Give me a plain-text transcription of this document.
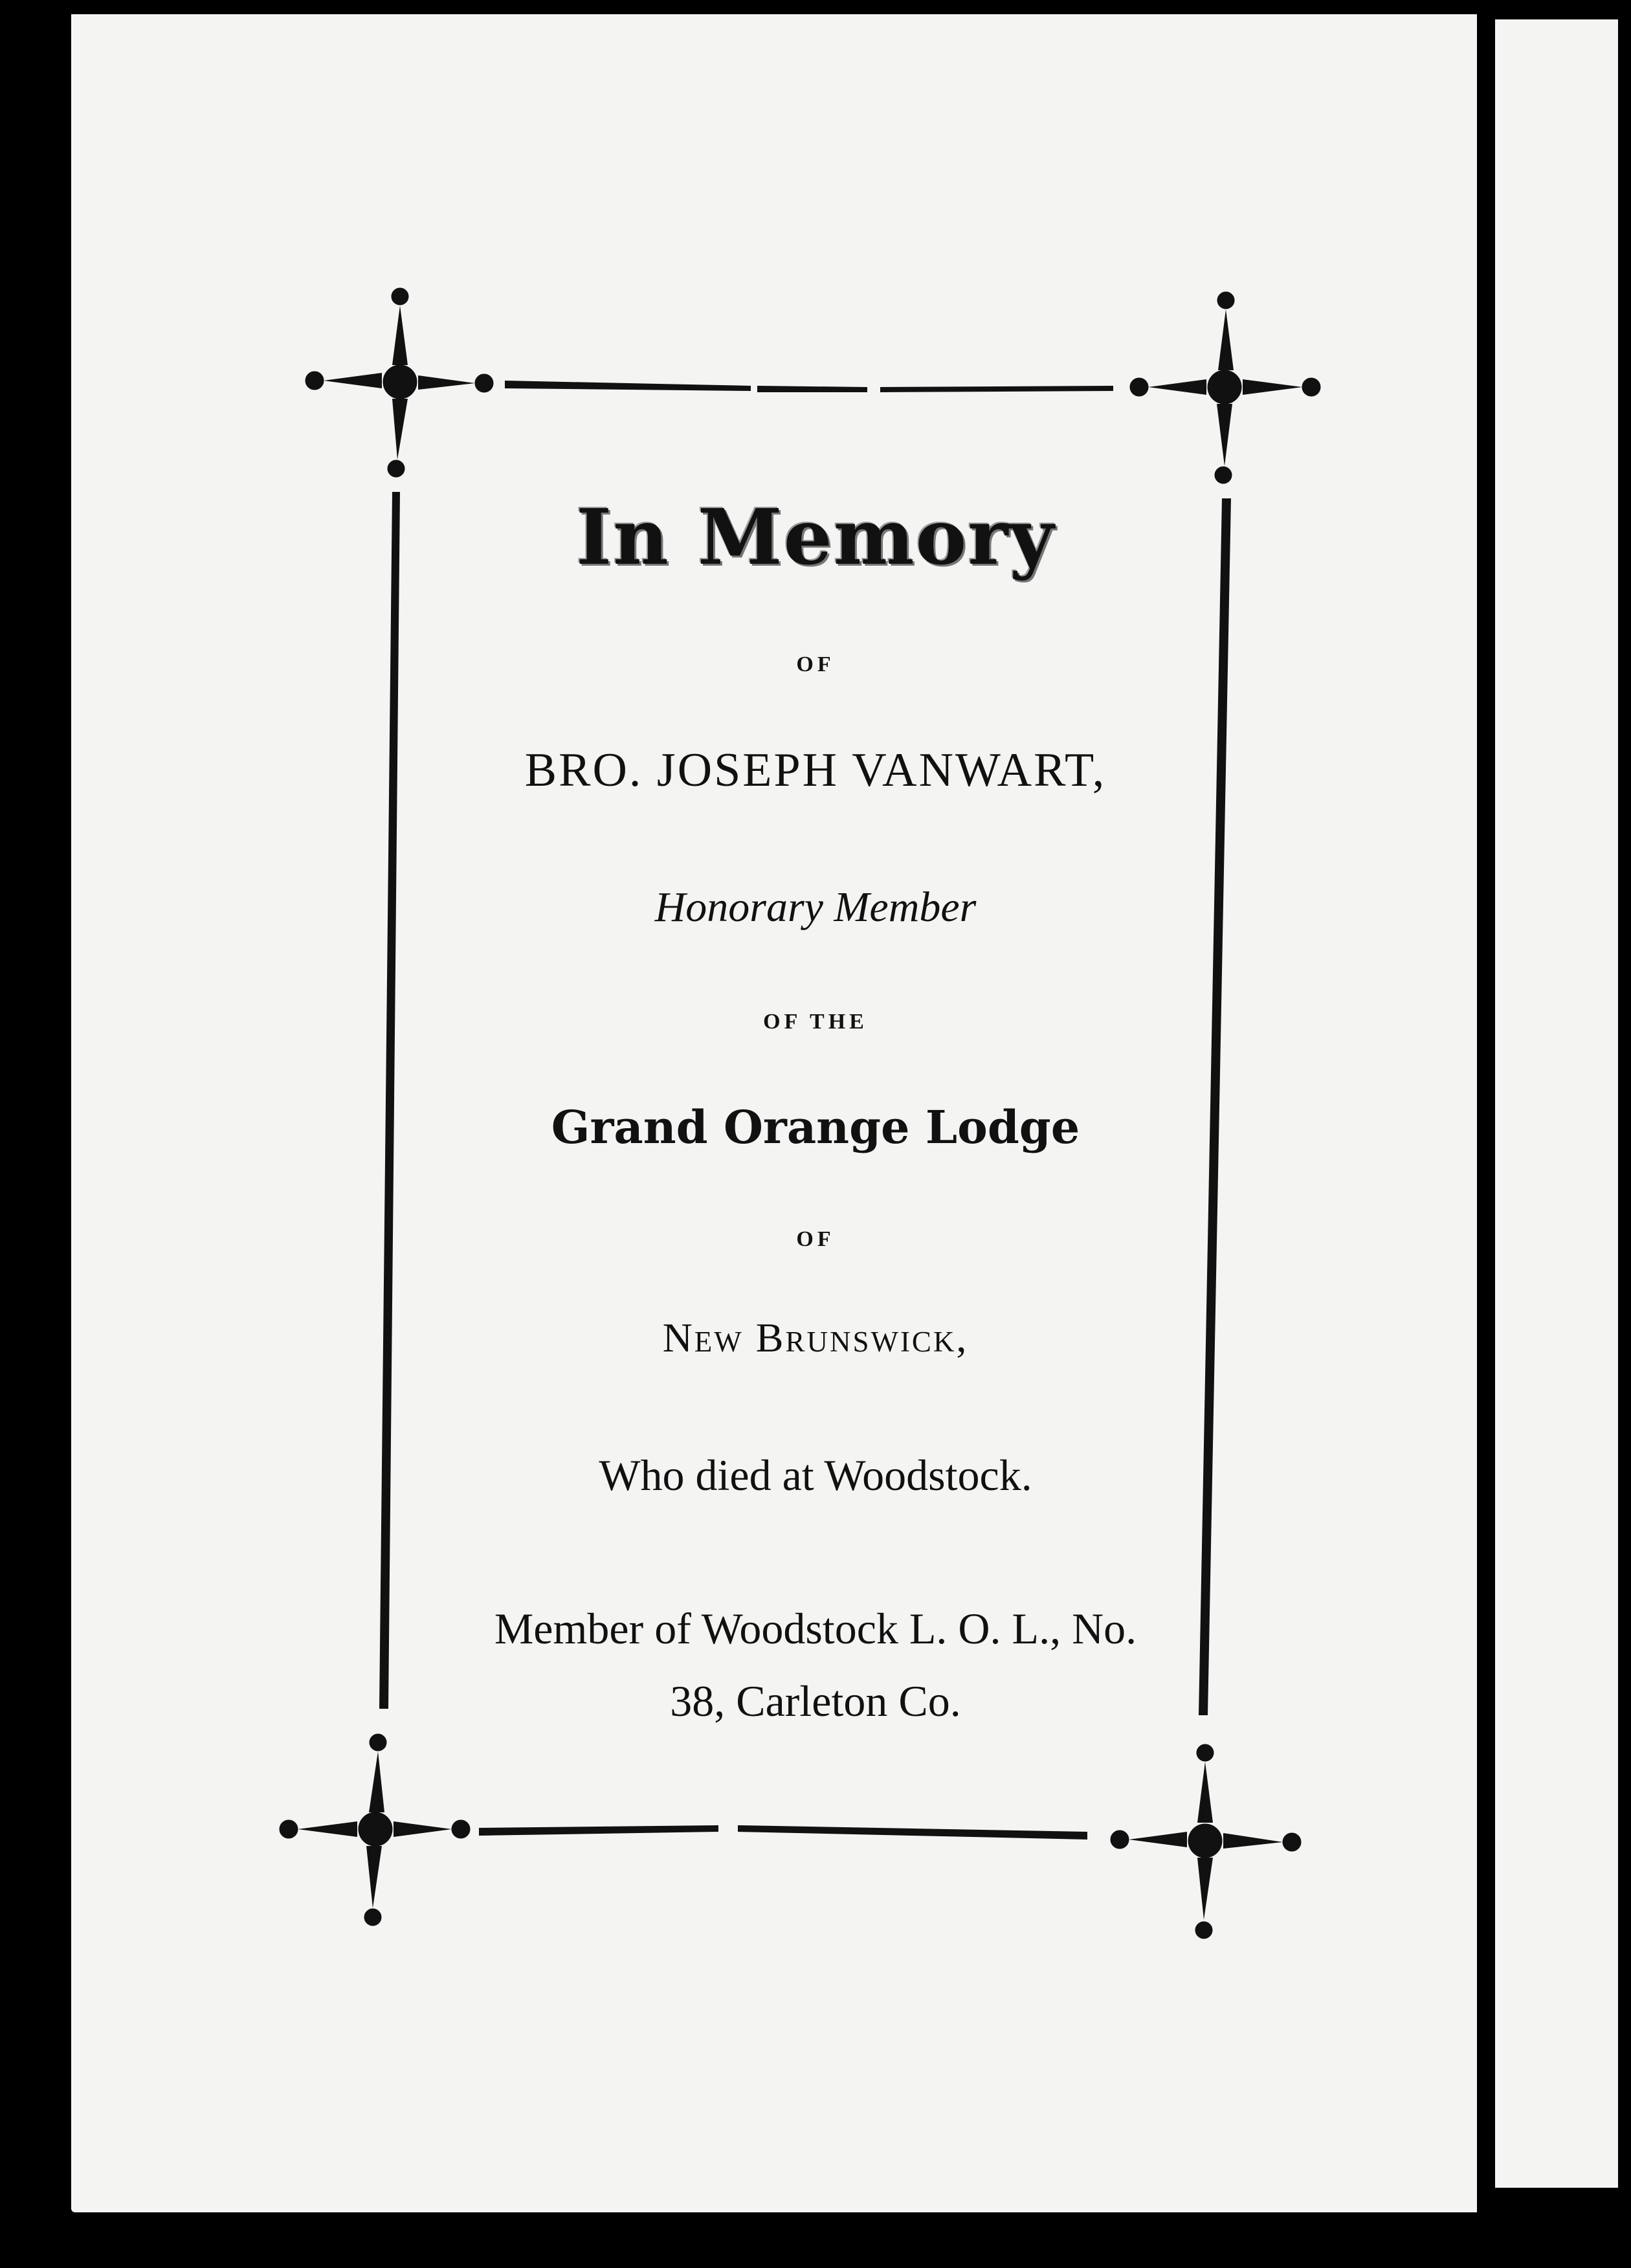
In Memory
OF
BRO. JOSEPH VANWART,
Honorary Member
OF THE
Grand Orange Lodge
OF
New Brunswick,
Who died at Woodstock.
Member of Woodstock L. O. L., No.
38, Carleton Co.
